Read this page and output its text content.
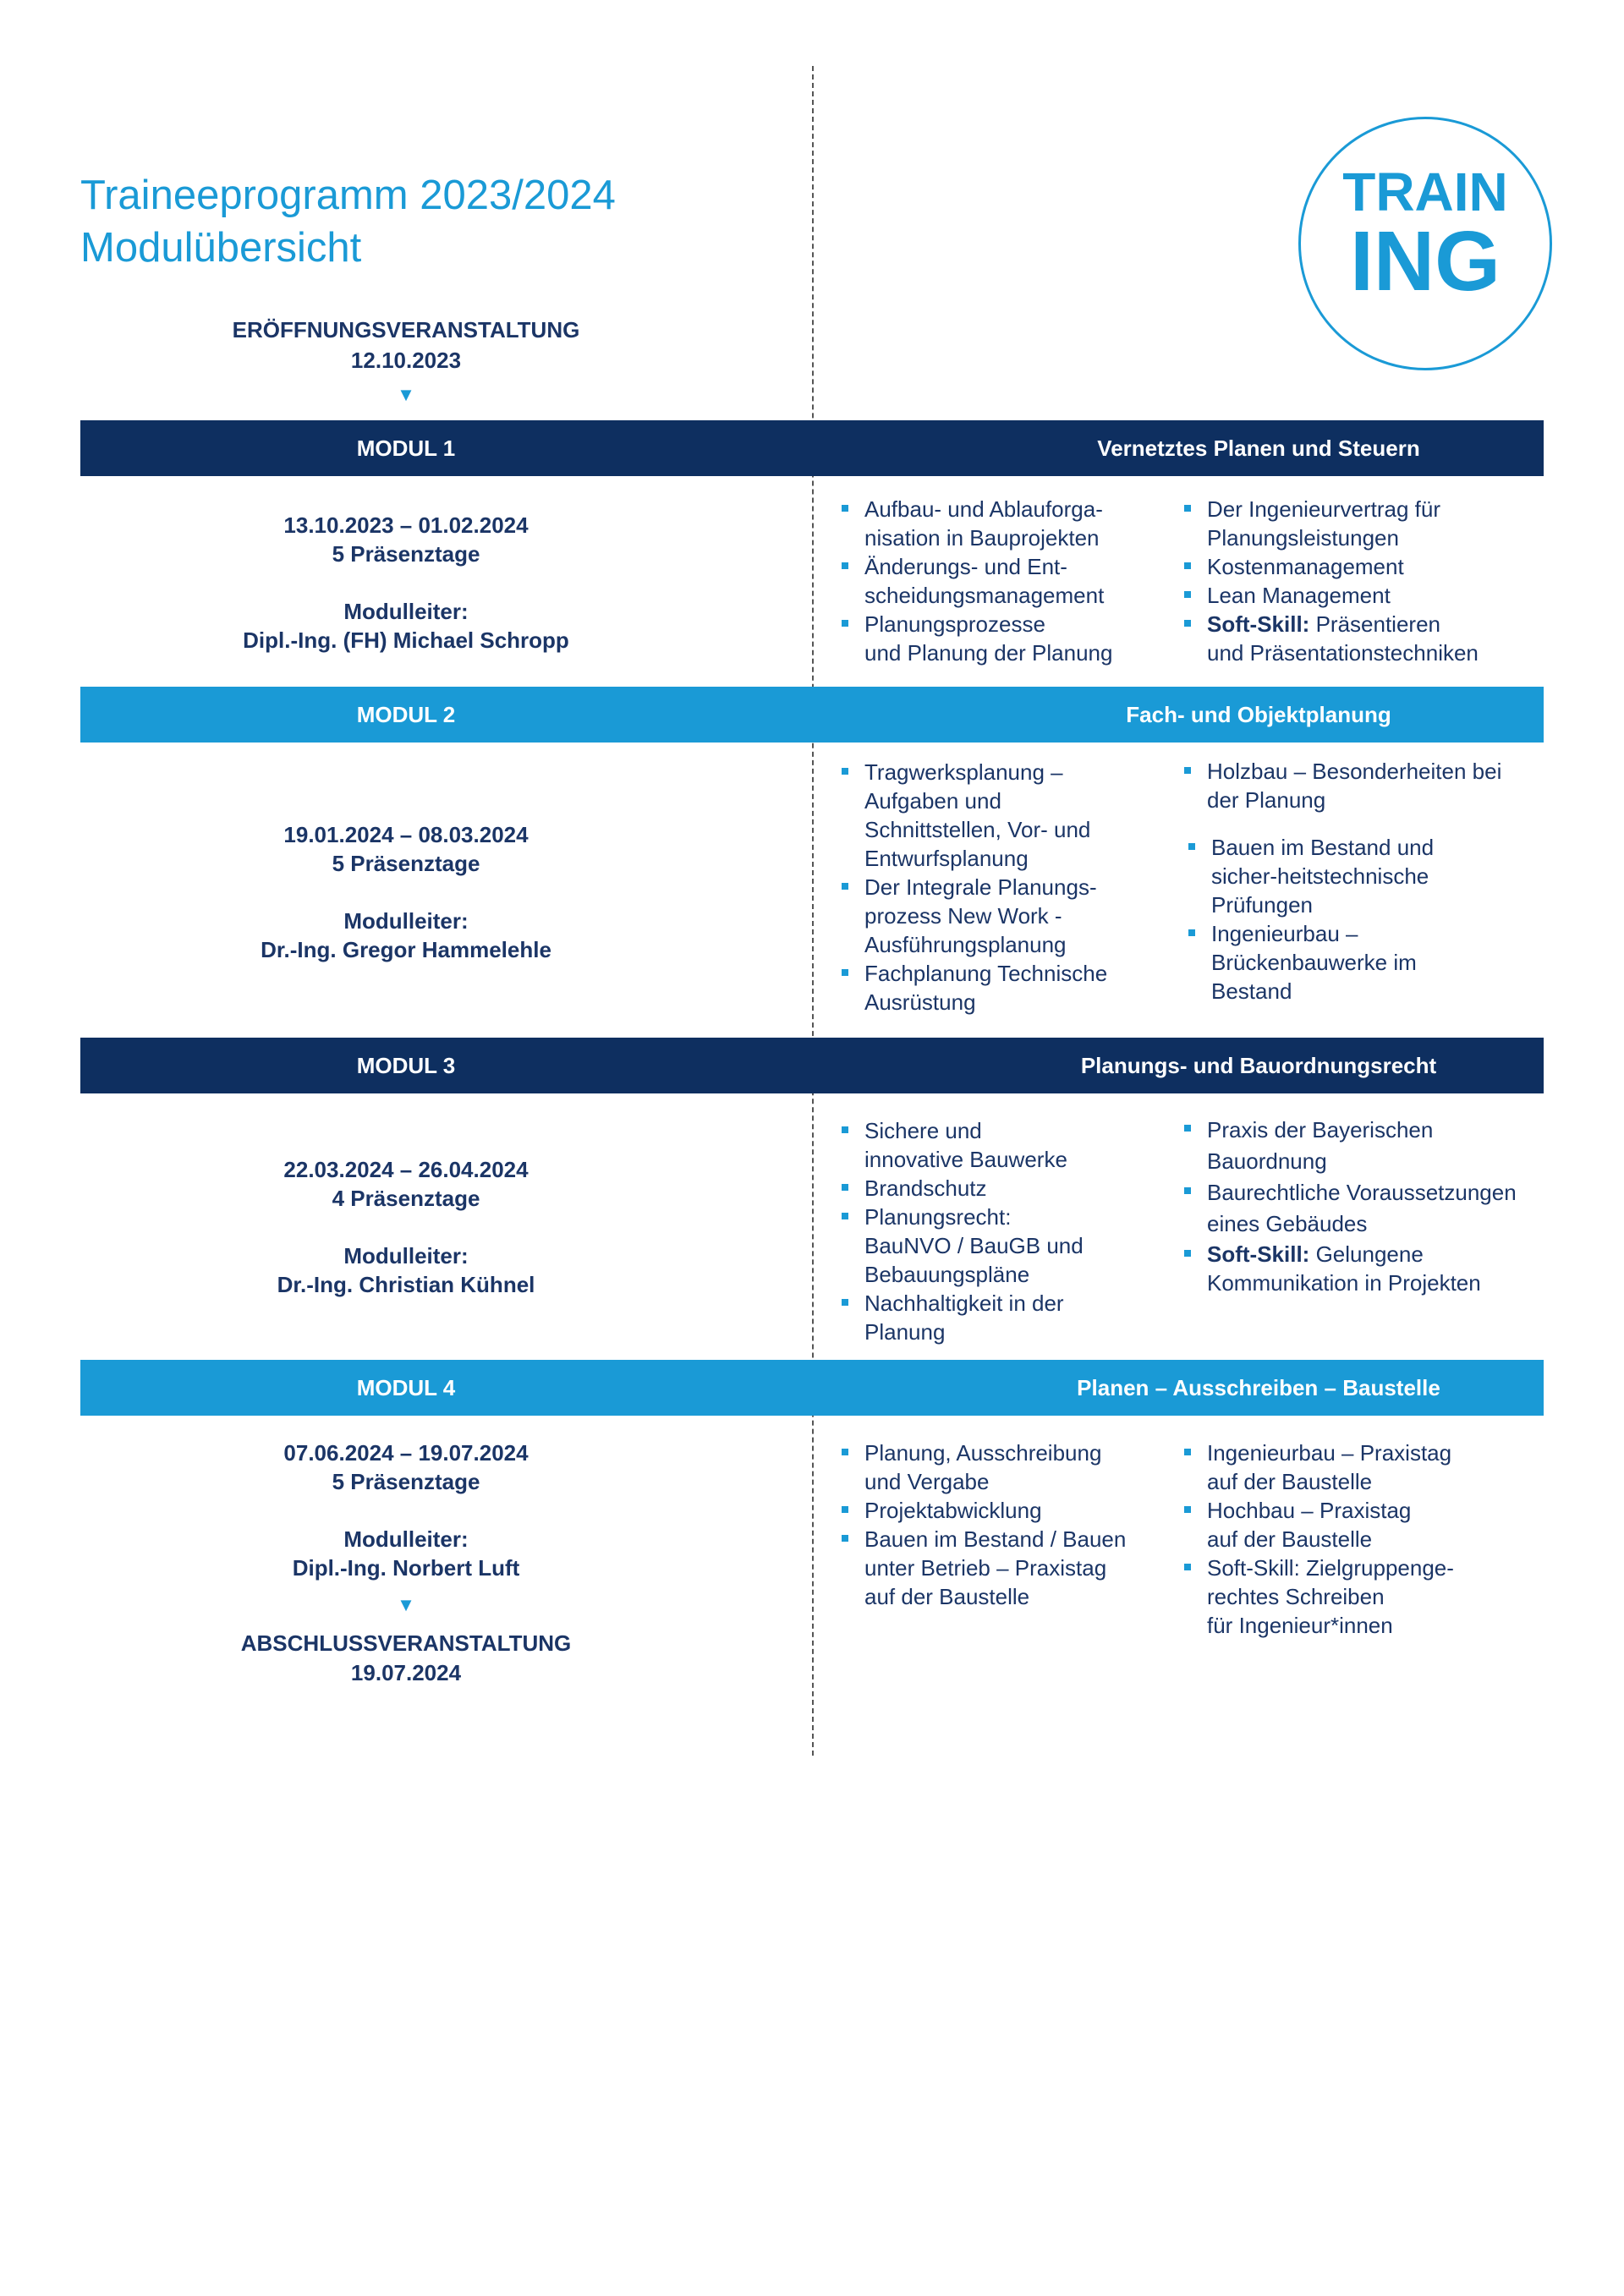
Traineeprogramm 2023/2024
Modulübersicht
TRAIN
ING
ERÖFFNUNGSVERANSTALTUNG
12.10.2023
▼
MODUL 1	Vernetztes Planen und Steuern
13.10.2023 – 01.02.2024
5 Präsenztage
Modulleiter:
Dipl.-Ing. (FH) Michael Schropp
Aufbau- und Ablauforga-
nisation in Bauprojekten
Änderungs- und Ent-
scheidungsmanagement
Planungsprozesse
und Planung der Planung
Der Ingenieurvertrag für
Planungsleistungen
Kostenmanagement
Lean Management
Soft-Skill: Präsentieren
und Präsentationstechniken
MODUL 2	Fach- und Objektplanung
19.01.2024 – 08.03.2024
5 Präsenztage
Modulleiter:
Dr.-Ing. Gregor Hammelehle
Tragwerksplanung –
Aufgaben und
Schnittstellen, Vor- und
Entwurfsplanung
Der Integrale Planungs-
prozess New Work -
Ausführungsplanung
Fachplanung Technische
Ausrüstung
Holzbau – Besonderheiten bei
der Planung
Bauen im Bestand und
sicher-heitstechnische
Prüfungen
Ingenieurbau –
Brückenbauwerke im
Bestand
MODUL 3	Planungs- und Bauordnungsrecht
22.03.2024 – 26.04.2024
4 Präsenztage
Modulleiter:
Dr.-Ing. Christian Kühnel
Sichere und
innovative Bauwerke
Brandschutz
Planungsrecht:
BauNVO / BauGB und
Bebauungspläne
Nachhaltigkeit in der
Planung
Praxis der Bayerischen
Bauordnung
Baurechtliche Voraussetzungen
eines Gebäudes
Soft-Skill: Gelungene
Kommunikation in Projekten
MODUL 4	Planen – Ausschreiben – Baustelle
07.06.2024 – 19.07.2024
5 Präsenztage
Modulleiter:
Dipl.-Ing. Norbert Luft
▼
ABSCHLUSSVERANSTALTUNG
19.07.2024
Planung, Ausschreibung
und Vergabe
Projektabwicklung
Bauen im Bestand / Bauen
unter Betrieb – Praxistag
auf der Baustelle
Ingenieurbau – Praxistag
auf der Baustelle
Hochbau – Praxistag
auf der Baustelle
Soft-Skill: Zielgruppenge-
rechtes Schreiben
für Ingenieur*innen
